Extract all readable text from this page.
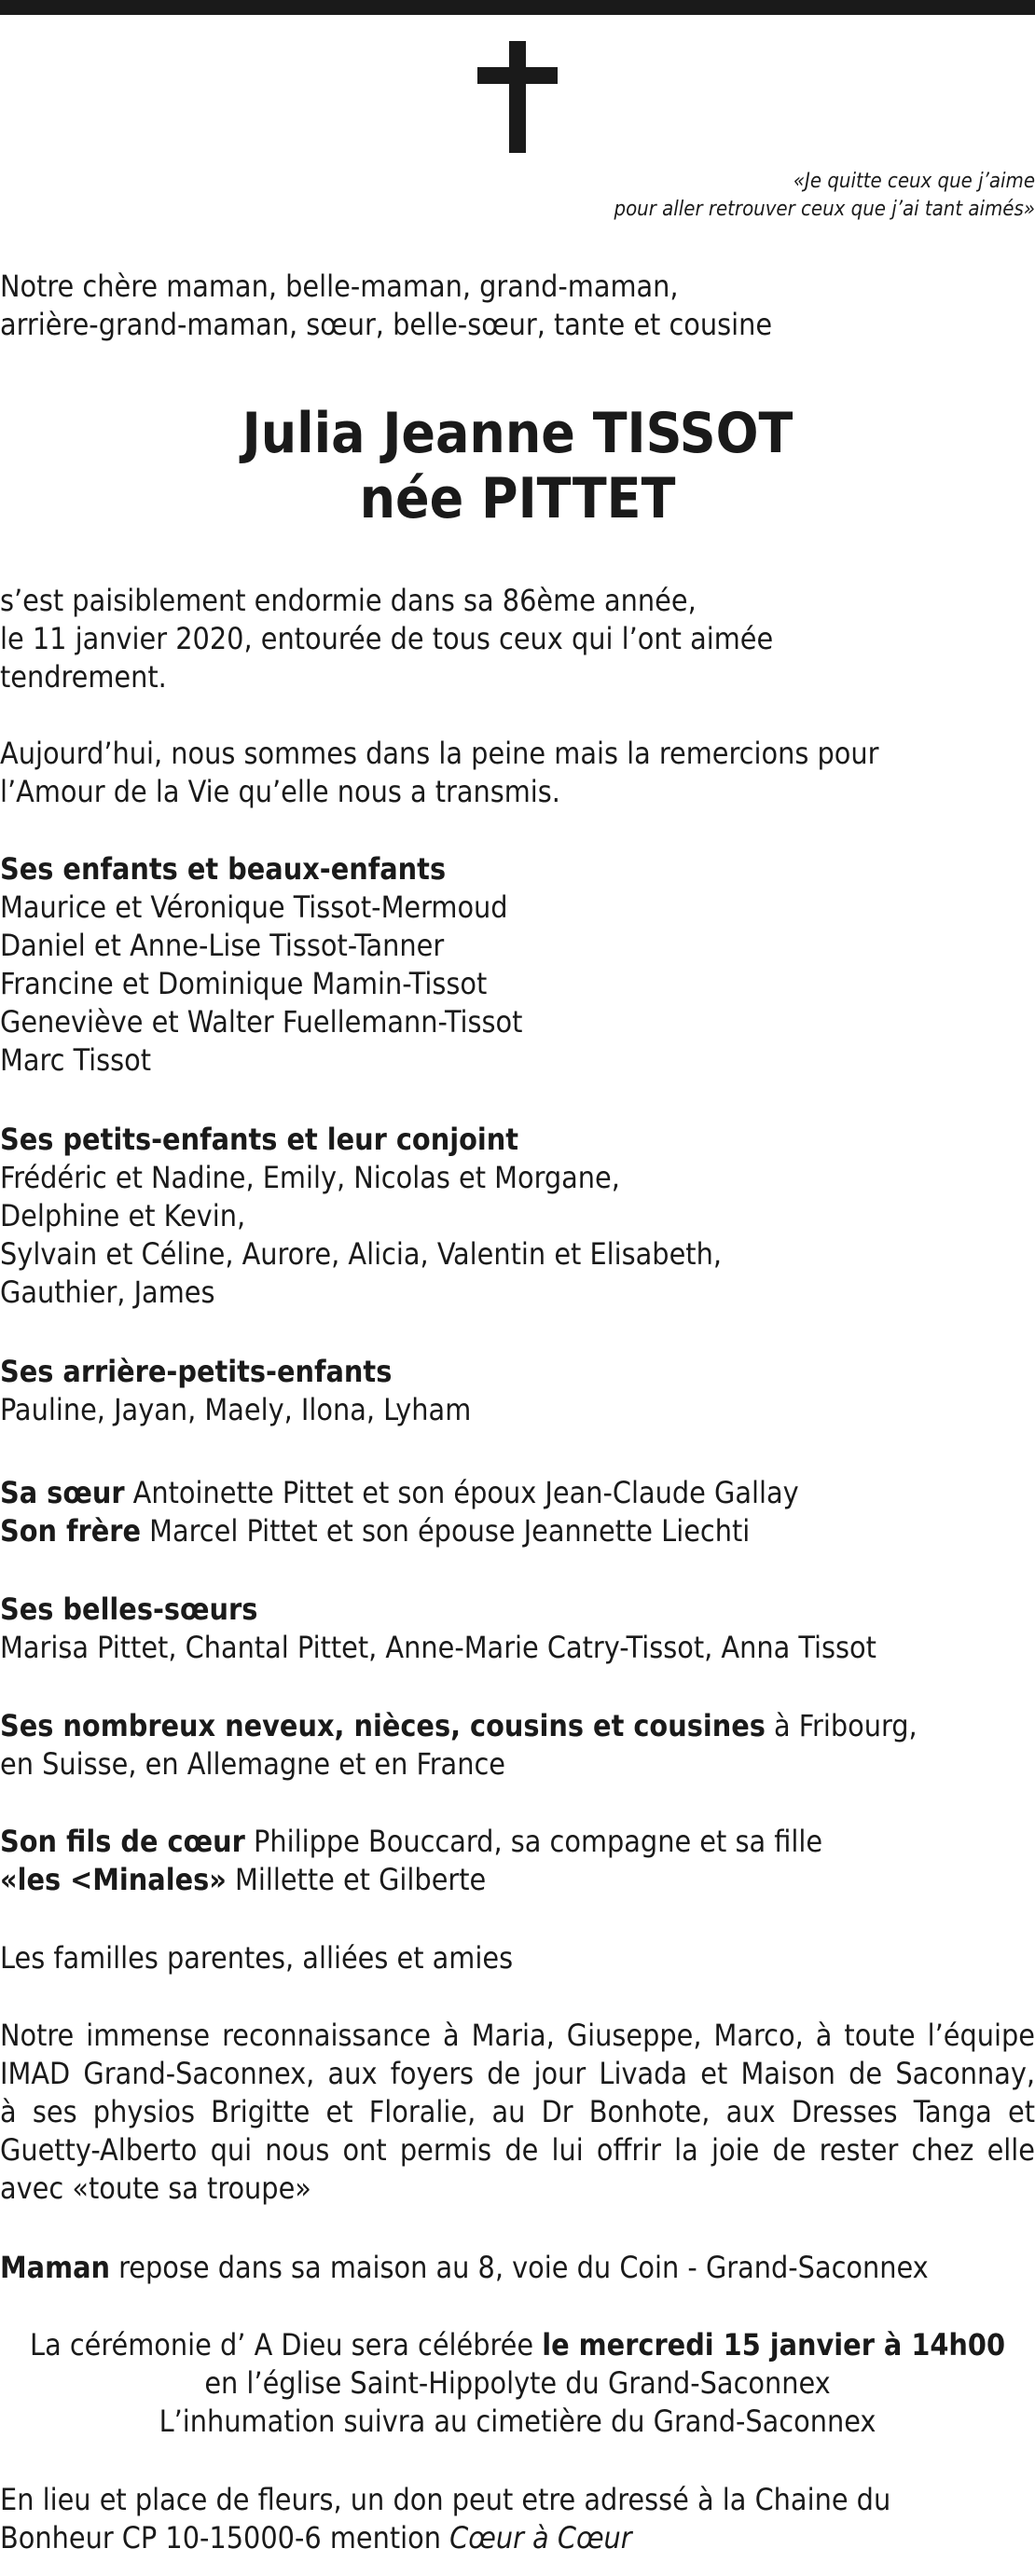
«Je quitte ceux que j’aime
pour aller retrouver ceux que j’ai tant aimés»
Notre chère maman, belle-maman, grand-maman,
arrière-grand-maman, sœur, belle-sœur, tante et cousine
Julia Jeanne TISSOT
née PITTET
s’est paisiblement endormie dans sa 86ème année,
le 11 janvier 2020, entourée de tous ceux qui l’ont aimée
tendrement.
Aujourd’hui, nous sommes dans la peine mais la remercions pour
l’Amour de la Vie qu’elle nous a transmis.
Ses enfants et beaux-enfants
Maurice et Véronique Tissot-Mermoud
Daniel et Anne-Lise Tissot-Tanner
Francine et Dominique Mamin-Tissot
Geneviève et Walter Fuellemann-Tissot
Marc Tissot
Ses petits-enfants et leur conjoint
Frédéric et Nadine, Emily, Nicolas et Morgane,
Delphine et Kevin,
Sylvain et Céline, Aurore, Alicia, Valentin et Elisabeth,
Gauthier, James
Ses arrière-petits-enfants
Pauline, Jayan, Maely, Ilona, Lyham
Sa sœur Antoinette Pittet et son époux Jean-Claude Gallay
Son frère Marcel Pittet et son épouse Jeannette Liechti
Ses belles-sœurs
Marisa Pittet, Chantal Pittet, Anne-Marie Catry-Tissot, Anna Tissot
Ses nombreux neveux, nièces, cousins et cousines à Fribourg,
en Suisse, en Allemagne et en France
Son fils de cœur Philippe Bouccard, sa compagne et sa fille
«les <Minales» Millette et Gilberte
Les familles parentes, alliées et amies
Notre immense reconnaissance à Maria, Giuseppe, Marco, à toute l’équipe
IMAD Grand-Saconnex, aux foyers de jour Livada et Maison de Saconnay,
à ses physios Brigitte et Floralie, au Dr Bonhote, aux Dresses Tanga et
Guetty-Alberto qui nous ont permis de lui offrir la joie de rester chez elle
avec «toute sa troupe»
Maman repose dans sa maison au 8, voie du Coin - Grand-Saconnex
La cérémonie d’ A Dieu sera célébrée le mercredi 15 janvier à 14h00
en l’église Saint-Hippolyte du Grand-Saconnex
L’inhumation suivra au cimetière du Grand-Saconnex
En lieu et place de fleurs, un don peut etre adressé à la Chaine du
Bonheur CP 10-15000-6 mention Cœur à Cœur
